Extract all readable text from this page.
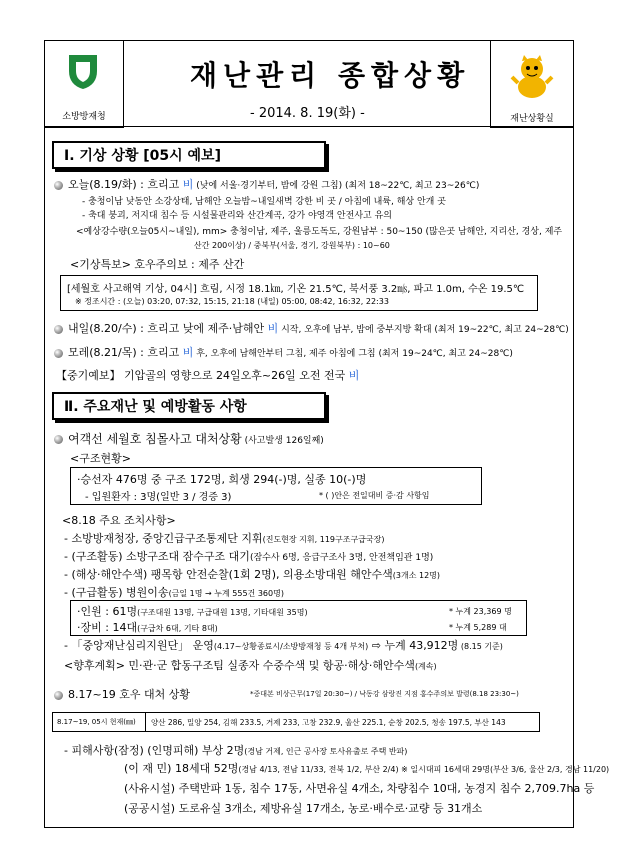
소방방재청
재난관리 종합상황
- 2014. 8. 19(화) -	재난상황실
Ⅰ. 기상 상황 [05시 예보]
오늘(8.19/화) : 흐리고 비 (낮에 서울·경기부터, 밤에 강원 그침) (최저 18~22℃, 최고 23~26℃)
- 충청이남 낮동안 소강상태, 남해안 오늘밤~내일새벽 강한 비 곳 / 아침에 내륙, 해상 안개 곳
- 축대 붕괴, 저지대 침수 등 시설물관리와 산간계곡, 강가 야영객 안전사고 유의
<예상강수량(오늘05시~내일), mm> 충청이남, 제주, 울릉도독도, 강원남부 : 50~150 (많은곳 남해안, 지리산, 경상, 제주
산간 200이상) / 중북부(서울, 경기, 강원북부) : 10~60
<기상특보> 호우주의보 : 제주 산간
[세월호 사고해역 기상, 04시] 흐림, 시정 18.1㎞, 기온 21.5℃, 북서풍 3.2㎧, 파고 1.0m, 수온 19.5℃
※ 정조시간 : (오늘) 03:20, 07:32, 15:15, 21:18 (내일) 05:00, 08:42, 16:32, 22:33
내일(8.20/수) : 흐리고 낮에 제주·남해안 비 시작, 오후에 남부, 밤에 중부지방 확대 (최저 19~22℃, 최고 24~28℃)
모레(8.21/목) : 흐리고 비 후, 오후에 남해안부터 그침, 제주 아침에 그침 (최저 19~24℃, 최고 24~28℃)
【중기예보】 기압골의 영향으로 24일오후~26일 오전 전국 비
Ⅱ. 주요재난 및 예방활동 사항
여객선 세월호 침몰사고 대처상황 (사고발생 126일째)
<구조현황>
·승선자 476명 중 구조 172명, 희생 294(-)명, 실종 10(-)명
- 입원환자 : 3명(일반 3 / 경증 3)	* ( )안은 전일대비 증·감 사항임
<8.18 주요 조치사항>
- 소방방재청장, 중앙긴급구조통제단 지휘(진도현장 지휘, 119구조구급국장)
- (구조활동) 소방구조대 잠수구조 대기(잠수사 6명, 응급구조사 3명, 안전책임관 1명)
- (해상·해안수색) 팽목항 안전순찰(1회 2명), 의용소방대원 해안수색(3개소 12명)
- (구급활동) 병원이송(금일 1명 → 누계 555건 360명)
·인원 : 61명(구조대원 13명, 구급대원 13명, 기타대원 35명)	* 누계 23,369 명
·장비 : 14대(구급차 6대, 기타 8대)	* 누계 5,289 대
- 「중앙재난심리지원단」 운영(4.17~상황종료시/소방방재청 등 4개 부처) ⇨ 누계 43,912명 (8.15 기준)
<향후계획> 민·관·군 합동구조팀 실종자 수중수색 및 항공·해상·해안수색(계속)
8.17~19 호우 대처 상황	*중대본 비상근무(17일 20:30~) / 낙동강 삼랑진 지점 홍수주의보 발령(8.18 23:30~)
8.17~19, 05시 현재(㎜) 양산 286, 밀양 254, 김해 233.5, 거제 233, 고창 232.9, 울산 225.1, 순창 202.5, 청송 197.5, 부산 143
- 피해사항(잠정) (인명피해) 부상 2명(경남 거제, 인근 공사장 토사유출로 주택 반파)
(이 재 민) 18세대 52명(경남 4/13, 전남 11/33, 전북 1/2, 부산 2/4) ※ 일시대피 16세대 29명(부산 3/6, 울산 2/3, 경남 11/20)
(사유시설) 주택반파 1동, 침수 17동, 사면유실 4개소, 차량침수 10대, 농경지 침수 2,709.7ha 등
(공공시설) 도로유실 3개소, 제방유실 17개소, 농로·배수로·교량 등 31개소
